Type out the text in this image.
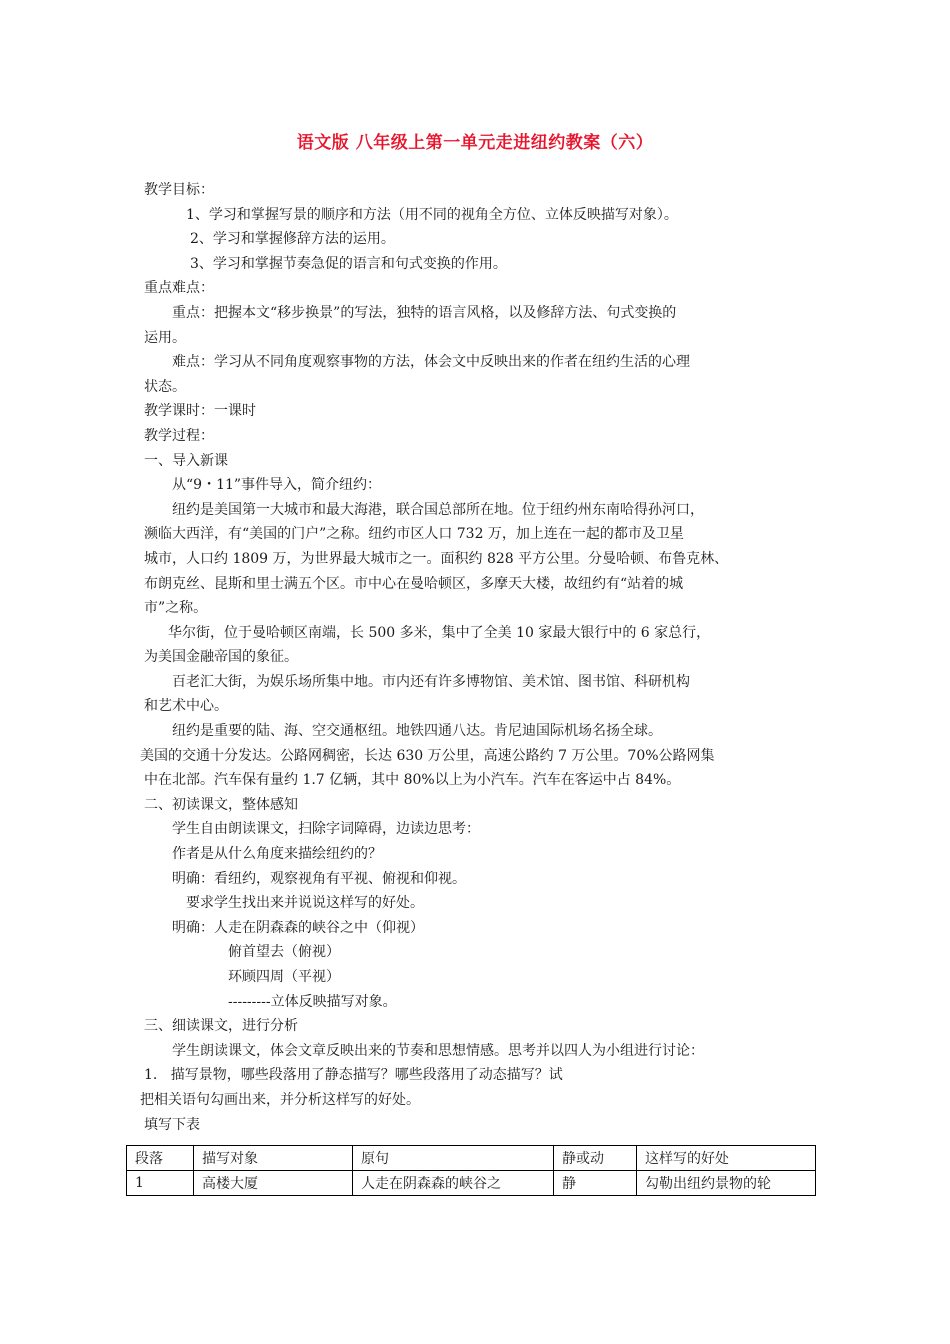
语文版 八年级上第一单元走进纽约教案（六）
教学目标：
1、学习和掌握写景的顺序和方法（用不同的视角全方位、立体反映描写对象）。
2、学习和掌握修辞方法的运用。
3、学习和掌握节奏急促的语言和句式变换的作用。
重点难点：
重点：把握本文“移步换景”的写法，独特的语言风格，以及修辞方法、句式变换的
运用。
难点：学习从不同角度观察事物的方法，体会文中反映出来的作者在纽约生活的心理
状态。
教学课时：一课时
教学过程：
一、导入新课
从“9・11”事件导入，简介纽约：
纽约是美国第一大城市和最大海港，联合国总部所在地。位于纽约州东南哈得孙河口，
濒临大西洋，有“美国的门户”之称。纽约市区人口 732 万，加上连在一起的都市及卫星
城市，人口约 1809 万，为世界最大城市之一。面积约 828 平方公里。分曼哈顿、布鲁克林、
布朗克丝、昆斯和里士满五个区。市中心在曼哈顿区，多摩天大楼，故纽约有“站着的城
市”之称。
华尔街，位于曼哈顿区南端，长 500 多米，集中了全美 10 家最大银行中的 6 家总行，
为美国金融帝国的象征。
百老汇大街，为娱乐场所集中地。市内还有许多博物馆、美术馆、图书馆、科研机构
和艺术中心。
纽约是重要的陆、海、空交通枢纽。地铁四通八达。肯尼迪国际机场名扬全球。
美国的交通十分发达。公路网稠密，长达 630 万公里，高速公路约 7 万公里。70%公路网集
中在北部。汽车保有量约 1.7 亿辆，其中 80%以上为小汽车。汽车在客运中占 84%。
二、初读课文，整体感知
学生自由朗读课文，扫除字词障碍，边读边思考：
作者是从什么角度来描绘纽约的？
明确：看纽约，观察视角有平视、俯视和仰视。
要求学生找出来并说说这样写的好处。
明确：人走在阴森森的峡谷之中（仰视）
俯首望去（俯视）
环顾四周（平视）
---------立体反映描写对象。
三、细读课文，进行分析
学生朗读课文，体会文章反映出来的节奏和思想情感。思考并以四人为小组进行讨论：
1.   描写景物，哪些段落用了静态描写？哪些段落用了动态描写？试
把相关语句勾画出来，并分析这样写的好处。
填写下表
段落	描写对象	原句	静或动	这样写的好处
1	高楼大厦	人走在阴森森的峡谷之	静	勾勒出纽约景物的轮
